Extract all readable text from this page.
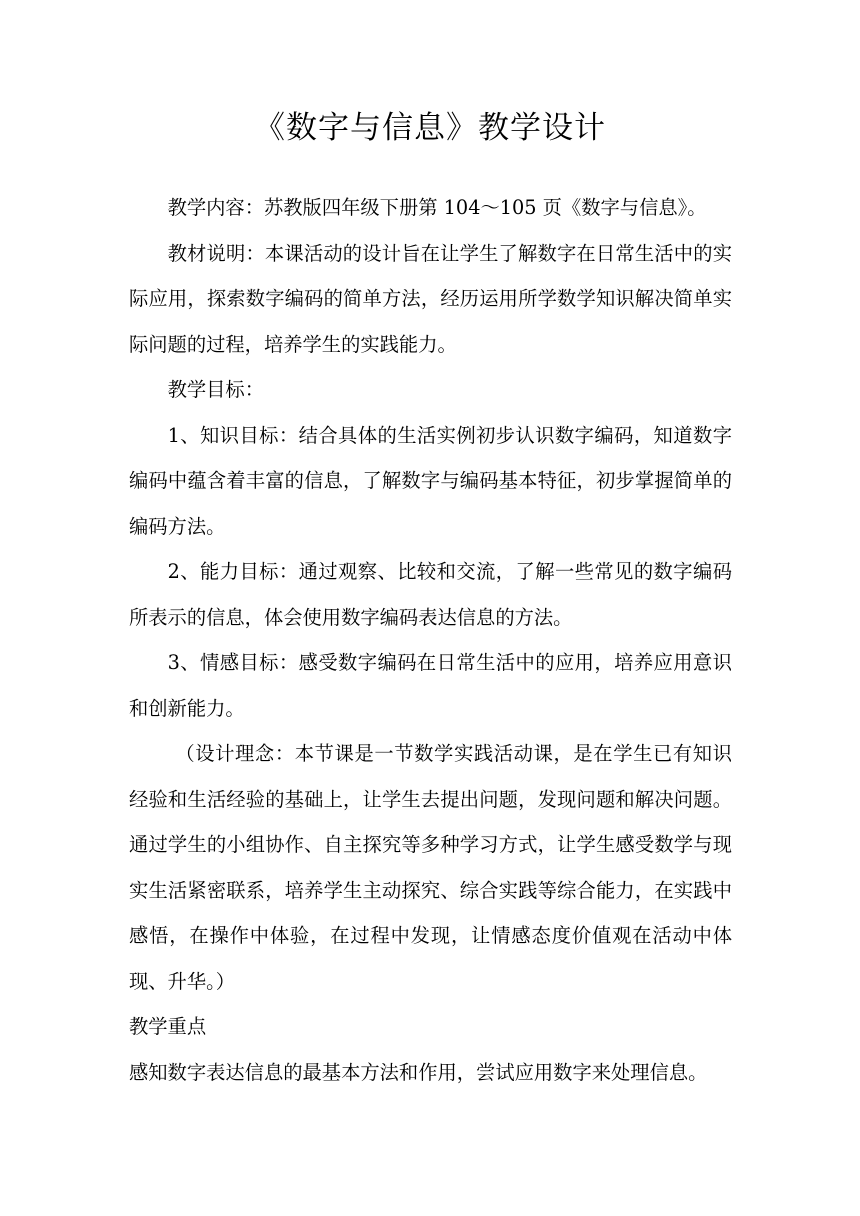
《数字与信息》教学设计

教学内容：苏教版四年级下册第 104～105 页《数字与信息》。

教材说明：本课活动的设计旨在让学生了解数字在日常生活中的实际应用，探索数字编码的简单方法，经历运用所学数学知识解决简单实际问题的过程，培养学生的实践能力。

教学目标：

1、知识目标：结合具体的生活实例初步认识数字编码，知道数字编码中蕴含着丰富的信息，了解数字与编码基本特征，初步掌握简单的编码方法。

2、能力目标：通过观察、比较和交流，了解一些常见的数字编码所表示的信息，体会使用数字编码表达信息的方法。

3、情感目标：感受数字编码在日常生活中的应用，培养应用意识和创新能力。

（设计理念：本节课是一节数学实践活动课，是在学生已有知识经验和生活经验的基础上，让学生去提出问题，发现问题和解决问题。通过学生的小组协作、自主探究等多种学习方式，让学生感受数学与现实生活紧密联系，培养学生主动探究、综合实践等综合能力，在实践中感悟，在操作中体验，在过程中发现，让情感态度价值观在活动中体现、升华。）

教学重点

感知数字表达信息的最基本方法和作用，尝试应用数字来处理信息。
